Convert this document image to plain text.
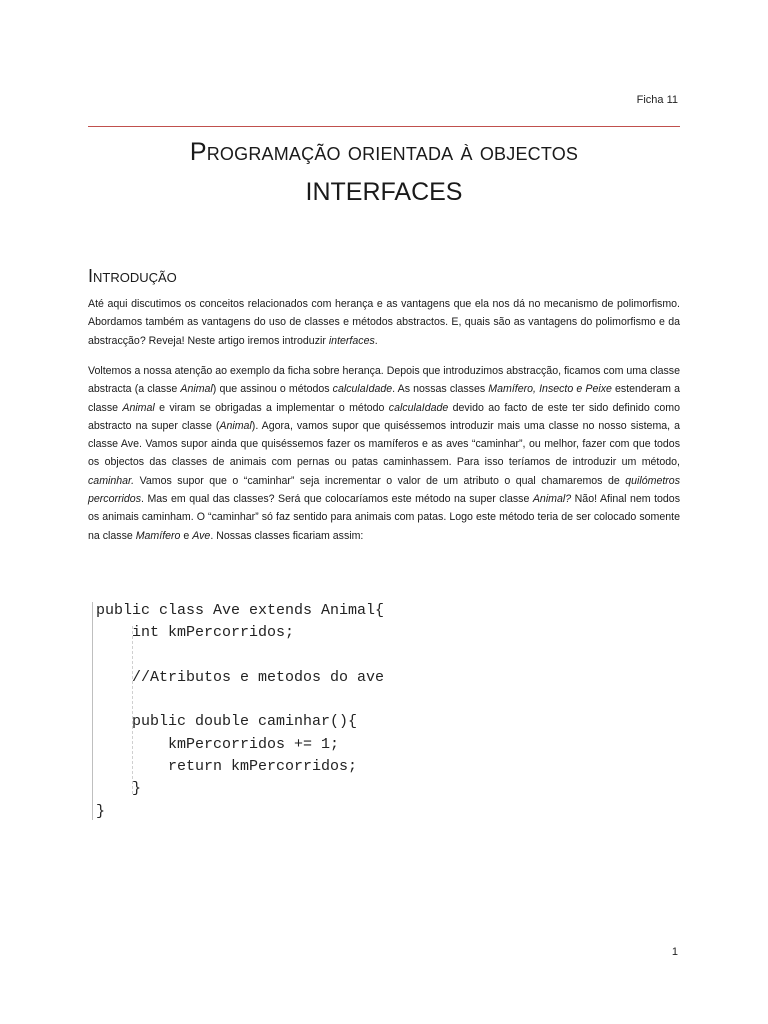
Ficha 11
Programação orientada à objectos
INTERFACES
Introdução

Até aqui discutimos os conceitos relacionados com herança e as vantagens que ela nos dá no mecanismo de polimorfismo. Abordamos também as vantagens do uso de classes e métodos abstractos. E, quais são as vantagens do polimorfismo e da abstracção? Reveja! Neste artigo iremos introduzir interfaces.

Voltemos a nossa atenção ao exemplo da ficha sobre herança. Depois que introduzimos abstracção, ficamos com uma classe abstracta (a classe Animal) que assinou o métodos calculaIdade. As nossas classes Mamífero, Insecto e Peixe estenderam a classe Animal e viram se obrigadas a implementar o método calculaIdade devido ao facto de este ter sido definido como abstracto na super classe (Animal). Agora, vamos supor que quiséssemos introduzir mais uma classe no nosso sistema, a classe Ave. Vamos supor ainda que quiséssemos fazer os mamíferos e as aves “caminhar”, ou melhor, fazer com que todos os objectos das classes de animais com pernas ou patas caminhassem. Para isso teríamos de introduzir um método, caminhar. Vamos supor que o “caminhar” seja incrementar o valor de um atributo o qual chamaremos de quilómetros percorridos. Mas em qual das classes? Será que colocaríamos este método na super classe Animal? Não! Afinal nem todos os animais caminham. O “caminhar” só faz sentido para animais com patas. Logo este método teria de ser colocado somente na classe Mamífero e Ave. Nossas classes ficariam assim:

public class Ave extends Animal{
int kmPercorridos;

//Atributos e metodos do ave

public double caminhar(){
kmPercorridos += 1;
return kmPercorridos;
}
}
1
